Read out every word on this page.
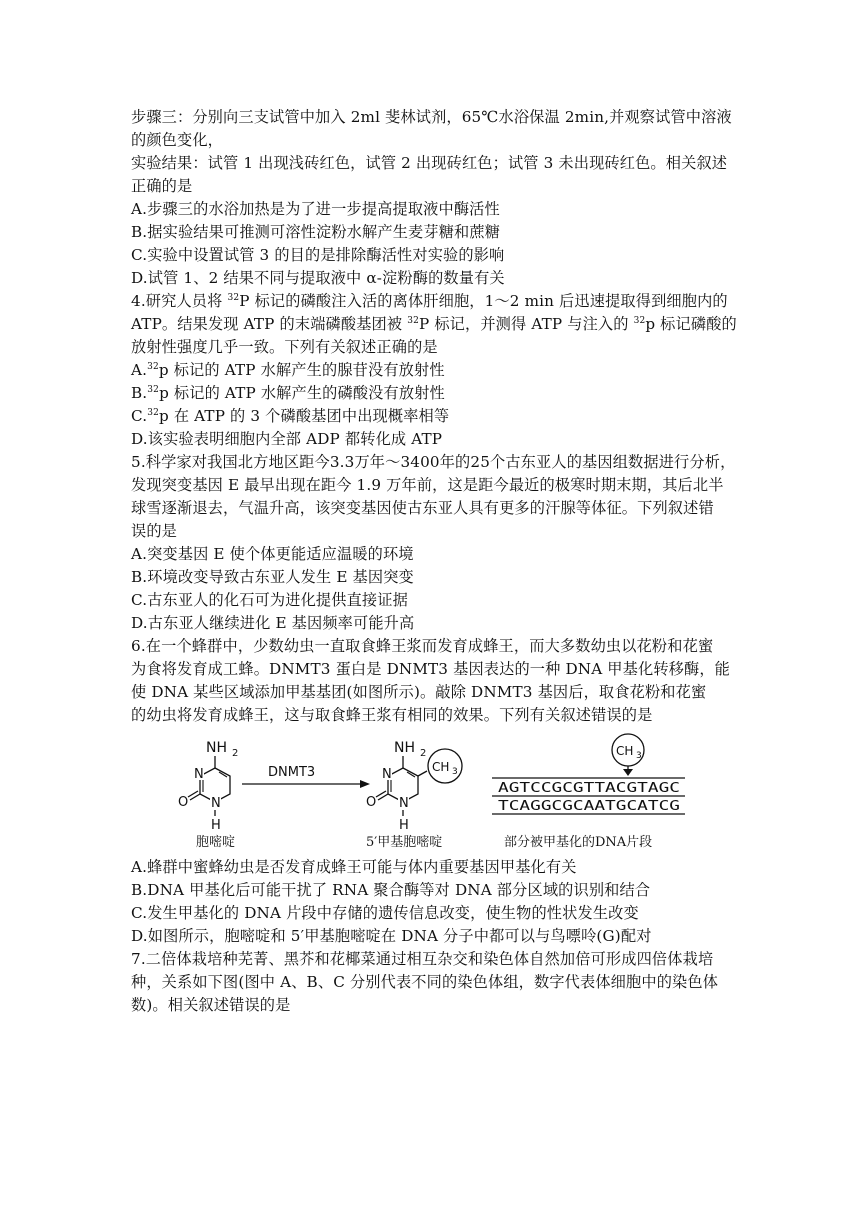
步骤三：分别向三支试管中加入 2ml 斐林试剂，65℃水浴保温 2min,并观察试管中溶液
的颜色变化，
实验结果：试管 1 出现浅砖红色，试管 2 出现砖红色；试管 3 未出现砖红色。相关叙述
正确的是
A.步骤三的水浴加热是为了进一步提高提取液中酶活性
B.据实验结果可推测可溶性淀粉水解产生麦芽糖和蔗糖
C.实验中设置试管 3 的目的是排除酶活性对实验的影响
D.试管 1、2 结果不同与提取液中 α-淀粉酶的数量有关
4.研究人员将 $^{32}$P 标记的磷酸注入活的离体肝细胞，1～2 min 后迅速提取得到细胞内的
ATP。结果发现 ATP 的末端磷酸基团被 $^{32}$P 标记，并测得 ATP 与注入的 $^{32}$p 标记磷酸的
放射性强度几乎一致。下列有关叙述正确的是
A.$^{32}$p 标记的 ATP 水解产生的腺苷没有放射性
B.$^{32}$p 标记的 ATP 水解产生的磷酸没有放射性
C.$^{32}$p 在 ATP 的 3 个磷酸基团中出现概率相等
D.该实验表明细胞内全部 ADP 都转化成 ATP
5.科学家对我国北方地区距今3.3万年～3400年的25个古东亚人的基因组数据进行分析，
发现突变基因 E 最早出现在距今 1.9 万年前，这是距今最近的极寒时期末期，其后北半
球雪逐渐退去，气温升高，该突变基因使古东亚人具有更多的汗腺等体征。下列叙述错
误的是
A.突变基因 E 使个体更能适应温暖的环境
B.环境改变导致古东亚人发生 E 基因突变
C.古东亚人的化石可为进化提供直接证据
D.古东亚人继续进化 E 基因频率可能升高
6.在一个蜂群中，少数幼虫一直取食蜂王浆而发育成蜂王，而大多数幼虫以花粉和花蜜
为食将发育成工蜂。DNMT3 蛋白是 DNMT3 基因表达的一种 DNA 甲基化转移酶，能
使 DNA 某些区域添加甲基基团(如图所示)。敲除 DNMT3 基因后，取食花粉和花蜜
的幼虫将发育成蜂王，这与取食蜂王浆有相同的效果。下列有关叙述错误的是
NH 2
N
N
O
H
DNMT3
NH 2
N
N
O
H
CH 3
CH 3
AGTCCGCGTTACGTAGC
TCAGGCGCAATGCATCG
胞嘧啶	5′甲基胞嘧啶	部分被甲基化的DNA片段
A.蜂群中蜜蜂幼虫是否发育成蜂王可能与体内重要基因甲基化有关
B.DNA 甲基化后可能干扰了 RNA 聚合酶等对 DNA 部分区域的识别和结合
C.发生甲基化的 DNA 片段中存储的遗传信息改变，使生物的性状发生改变
D.如图所示，胞嘧啶和 5′甲基胞嘧啶在 DNA 分子中都可以与鸟嘌呤(G)配对
7.二倍体栽培种芜菁、黑芥和花椰菜通过相互杂交和染色体自然加倍可形成四倍体栽培
种，关系如下图(图中 A、B、C 分别代表不同的染色体组，数字代表体细胞中的染色体
数)。相关叙述错误的是
